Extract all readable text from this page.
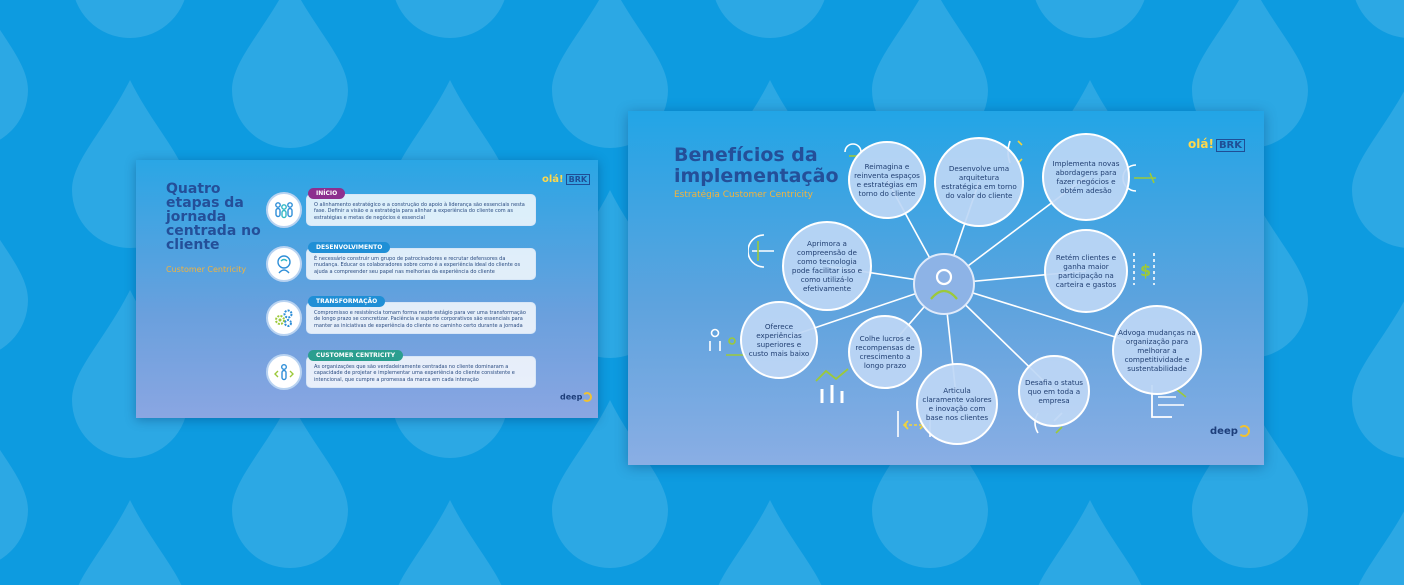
Quatro etapas da jornada centrada no cliente
Customer Centricity
olá! BRK
INÍCIO
O alinhamento estratégico e a construção do apoio à liderança são essenciais nesta fase. Definir a visão e a estratégia para alinhar a experiência do cliente com as estratégias e metas de negócios é essencial
DESENVOLVIMENTO
É necessário construir um grupo de patrocinadores e recrutar defensores da mudança. Educar os colaboradores sobre como é a experiência ideal do cliente os ajuda a compreender seu papel nas melhorias da experiência do cliente
TRANSFORMAÇÃO
Compromisso e resistência tomam forma neste estágio para ver uma transformação de longo prazo se concretizar. Paciência e suporte corporativos são essenciais para manter as iniciativas de experiência do cliente no caminho certo durante a jornada
CUSTOMER CENTRICITY
As organizações que são verdadeiramente centradas no cliente dominaram a capacidade de projetar e implementar uma experiência do cliente consistente e intencional, que cumpre a promessa da marca em cada interação
deep
Benefícios da implementação
Estratégia Customer Centricity
olá! BRK
$
Reimagina e reinventa espaços e estratégias em torno do cliente
Desenvolve uma arquitetura estratégica em torno do valor do cliente
Implementa novas abordagens para fazer negócios e obtém adesão
Aprimora a compreensão de como tecnologia pode facilitar isso e como utilizá-lo efetivamente
Retém clientes e ganha maior participação na carteira e gastos
Oferece experiências superiores e custo mais baixo
Colhe lucros e recompensas de crescimento a longo prazo
Advoga mudanças na organização para melhorar a competitividade e sustentabilidade
Articula claramente valores e inovação com base nos clientes
Desafia o status quo em toda a empresa
deep
